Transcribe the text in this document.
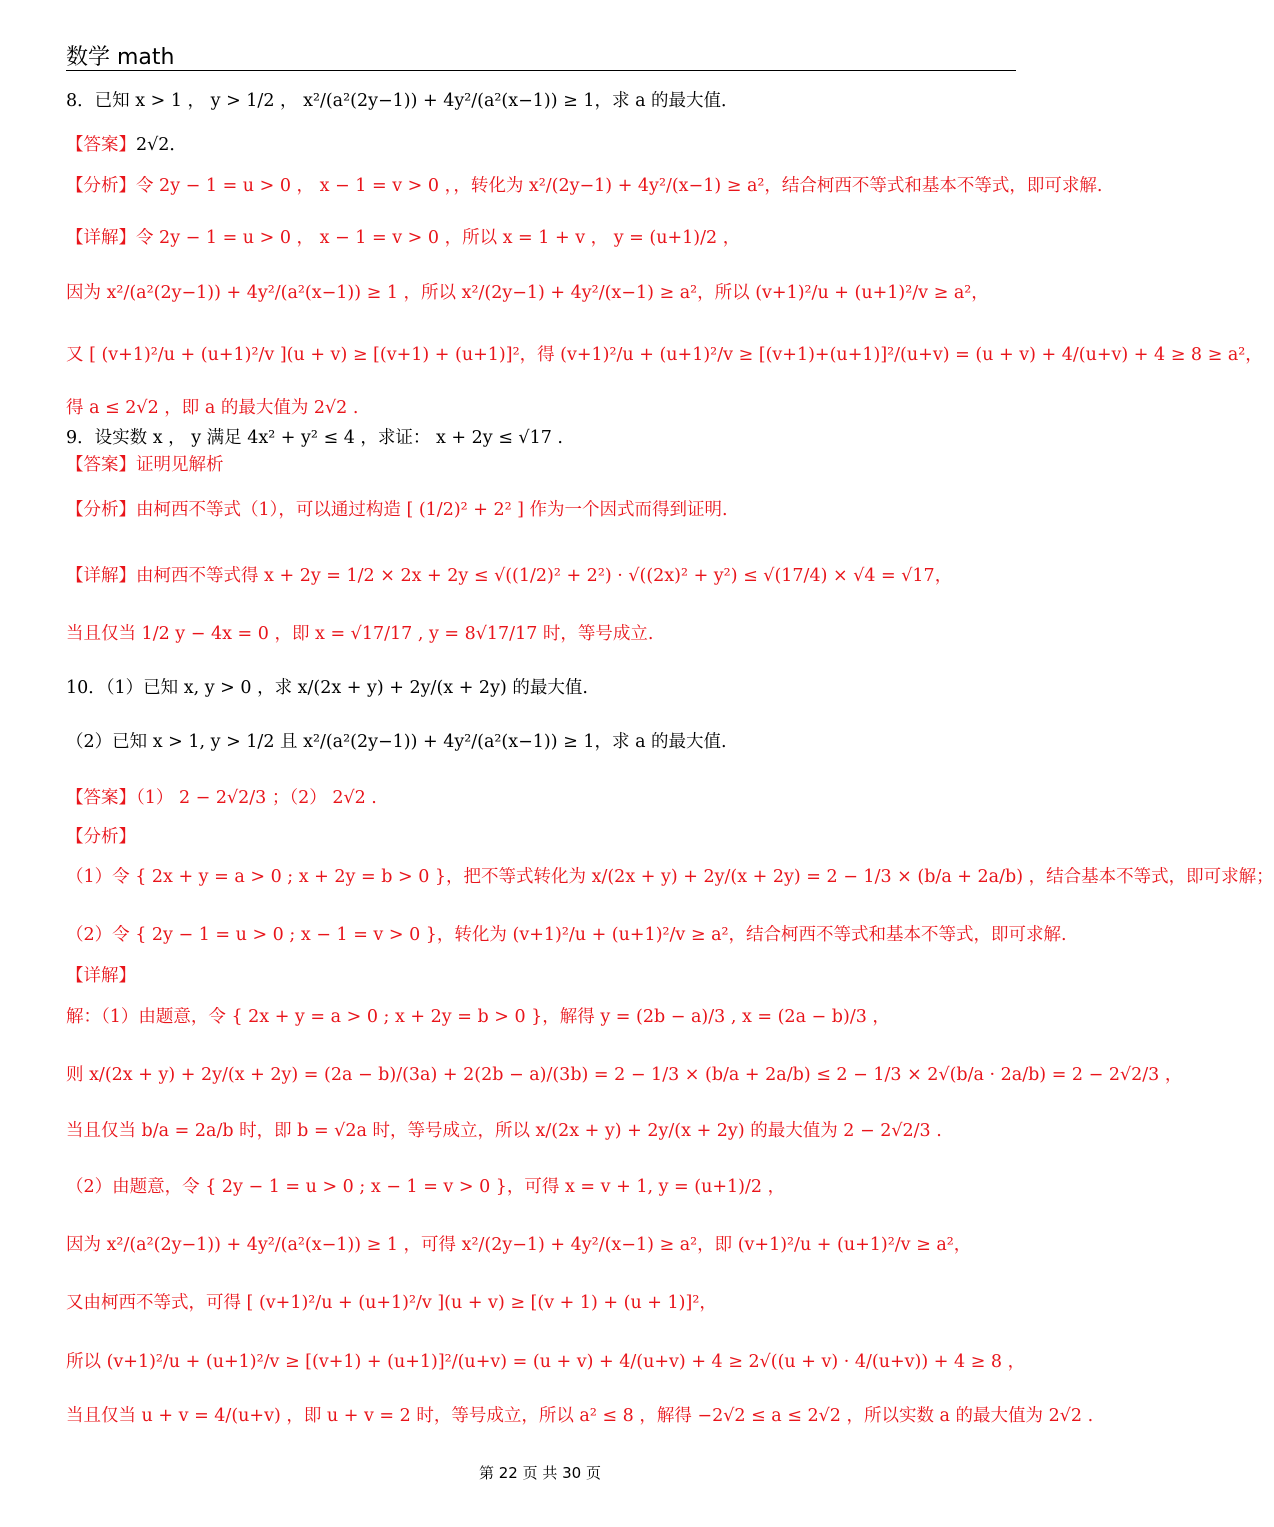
数学 math
8．已知 x > 1 ， y > 1/2 ， x²/(a²(2y−1)) + 4y²/(a²(x−1)) ≥ 1，求 a 的最大值．
【答案】2√2．
【分析】令 2y − 1 = u > 0 ， x − 1 = v > 0 ，，转化为 x²/(2y−1) + 4y²/(x−1) ≥ a²，结合柯西不等式和基本不等式，即可求解.
【详解】令 2y − 1 = u > 0 ， x − 1 = v > 0 ，所以 x = 1 + v ， y = (u+1)/2 ，
因为 x²/(a²(2y−1)) + 4y²/(a²(x−1)) ≥ 1 ，所以 x²/(2y−1) + 4y²/(x−1) ≥ a²，所以 (v+1)²/u + (u+1)²/v ≥ a²，
又 [ (v+1)²/u + (u+1)²/v ](u + v) ≥ [(v+1) + (u+1)]²，得 (v+1)²/u + (u+1)²/v ≥ [(v+1)+(u+1)]²/(u+v) = (u + v) + 4/(u+v) + 4 ≥ 8 ≥ a²，
得 a ≤ 2√2 ，即 a 的最大值为 2√2 .
9．设实数 x ， y 满足 4x² + y² ≤ 4 ，求证： x + 2y ≤ √17 .
【答案】证明见解析
【分析】由柯西不等式（1），可以通过构造 [ (1/2)² + 2² ] 作为一个因式而得到证明.
【详解】由柯西不等式得 x + 2y = 1/2 × 2x + 2y ≤ √((1/2)² + 2²) · √((2x)² + y²) ≤ √(17/4) × √4 = √17，
当且仅当 1/2 y − 4x = 0 ，即 x = √17/17 , y = 8√17/17 时，等号成立.
10．（1）已知 x, y > 0 ，求 x/(2x + y) + 2y/(x + 2y) 的最大值.
（2）已知 x > 1, y > 1/2 且 x²/(a²(2y−1)) + 4y²/(a²(x−1)) ≥ 1，求 a 的最大值.
【答案】（1） 2 − 2√2/3 ；（2） 2√2 .
【分析】
（1）令 { 2x + y = a > 0 ; x + 2y = b > 0 }，把不等式转化为 x/(2x + y) + 2y/(x + 2y) = 2 − 1/3 × (b/a + 2a/b) ，结合基本不等式，即可求解；
（2）令 { 2y − 1 = u > 0 ; x − 1 = v > 0 }，转化为 (v+1)²/u + (u+1)²/v ≥ a²，结合柯西不等式和基本不等式，即可求解.
【详解】
解：（1）由题意，令 { 2x + y = a > 0 ; x + 2y = b > 0 }，解得 y = (2b − a)/3 , x = (2a − b)/3 ，
则 x/(2x + y) + 2y/(x + 2y) = (2a − b)/(3a) + 2(2b − a)/(3b) = 2 − 1/3 × (b/a + 2a/b) ≤ 2 − 1/3 × 2√(b/a · 2a/b) = 2 − 2√2/3 ，
当且仅当 b/a = 2a/b 时，即 b = √2a 时，等号成立，所以 x/(2x + y) + 2y/(x + 2y) 的最大值为 2 − 2√2/3 .
（2）由题意，令 { 2y − 1 = u > 0 ; x − 1 = v > 0 }，可得 x = v + 1, y = (u+1)/2 ，
因为 x²/(a²(2y−1)) + 4y²/(a²(x−1)) ≥ 1 ，可得 x²/(2y−1) + 4y²/(x−1) ≥ a²，即 (v+1)²/u + (u+1)²/v ≥ a²，
又由柯西不等式，可得 [ (v+1)²/u + (u+1)²/v ](u + v) ≥ [(v + 1) + (u + 1)]²，
所以 (v+1)²/u + (u+1)²/v ≥ [(v+1) + (u+1)]²/(u+v) = (u + v) + 4/(u+v) + 4 ≥ 2√((u + v) · 4/(u+v)) + 4 ≥ 8 ，
当且仅当 u + v = 4/(u+v) ，即 u + v = 2 时，等号成立，所以 a² ≤ 8 ，解得 −2√2 ≤ a ≤ 2√2 ，所以实数 a 的最大值为 2√2 .
第 22 页 共 30 页
